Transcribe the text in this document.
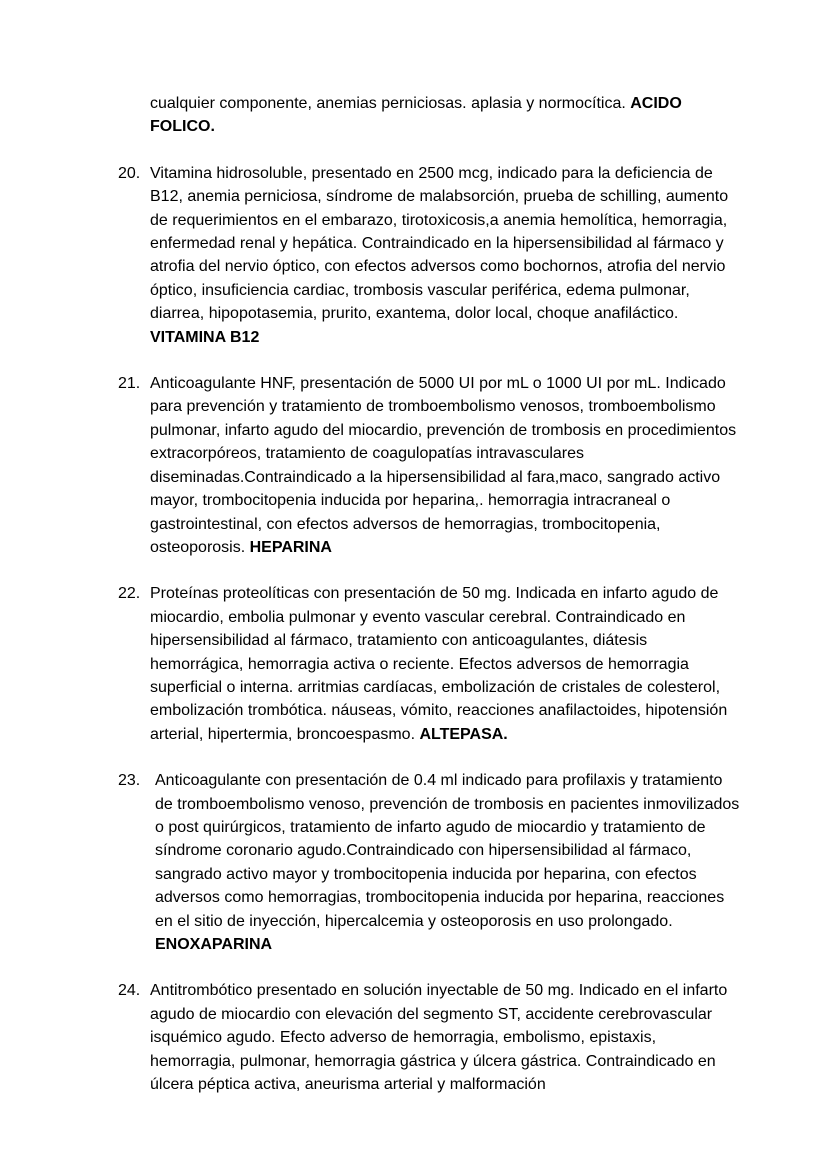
cualquier componente, anemias perniciosas. aplasia y normocítica. ACIDO FOLICO.

20. Vitamina hidrosoluble, presentado en 2500 mcg, indicado para la deficiencia de B12, anemia perniciosa, síndrome de malabsorción, prueba de schilling, aumento de requerimientos en el embarazo, tirotoxicosis,a anemia hemolítica, hemorragia, enfermedad renal y hepática. Contraindicado en la hipersensibilidad al fármaco y atrofia del nervio óptico, con efectos adversos como bochornos, atrofia del nervio óptico, insuficiencia cardiac, trombosis vascular periférica, edema pulmonar, diarrea, hipopotasemia, prurito, exantema, dolor local, choque anafiláctico. VITAMINA B12
21. Anticoagulante HNF, presentación de 5000 UI por mL o 1000 UI por mL. Indicado para prevención y tratamiento de tromboembolismo venosos, tromboembolismo pulmonar, infarto agudo del miocardio, prevención de trombosis en procedimientos extracorpóreos, tratamiento de coagulopatías intravasculares diseminadas.Contraindicado a la hipersensibilidad al fara,maco, sangrado activo mayor, trombocitopenia inducida por heparina,. hemorragia intracraneal o gastrointestinal, con efectos adversos de hemorragias, trombocitopenia, osteoporosis. HEPARINA
22. Proteínas proteolíticas con presentación de 50 mg. Indicada en infarto agudo de miocardio, embolia pulmonar y evento vascular cerebral. Contraindicado en hipersensibilidad al fármaco, tratamiento con anticoagulantes, diátesis hemorrágica, hemorragia activa o reciente. Efectos adversos de hemorragia superficial o interna. arritmias cardíacas, embolización de cristales de colesterol, embolización trombótica. náuseas, vómito, reacciones anafilactoides, hipotensión arterial, hipertermia, broncoespasmo. ALTEPASA.
23. Anticoagulante con presentación de 0.4 ml indicado para profilaxis y tratamiento de tromboembolismo venoso, prevención de trombosis en pacientes inmovilizados o post quirúrgicos, tratamiento de infarto agudo de miocardio y tratamiento de síndrome coronario agudo.Contraindicado con hipersensibilidad al fármaco, sangrado activo mayor y trombocitopenia inducida por heparina, con efectos adversos como hemorragias, trombocitopenia inducida por heparina, reacciones en el sitio de inyección, hipercalcemia y osteoporosis en uso prolongado. ENOXAPARINA
24. Antitrombótico presentado en solución inyectable de 50 mg. Indicado en el infarto agudo de miocardio con elevación del segmento ST, accidente cerebrovascular isquémico agudo. Efecto adverso de hemorragia, embolismo, epistaxis, hemorragia, pulmonar, hemorragia gástrica y úlcera gástrica. Contraindicado en úlcera péptica activa, aneurisma arterial y malformación
